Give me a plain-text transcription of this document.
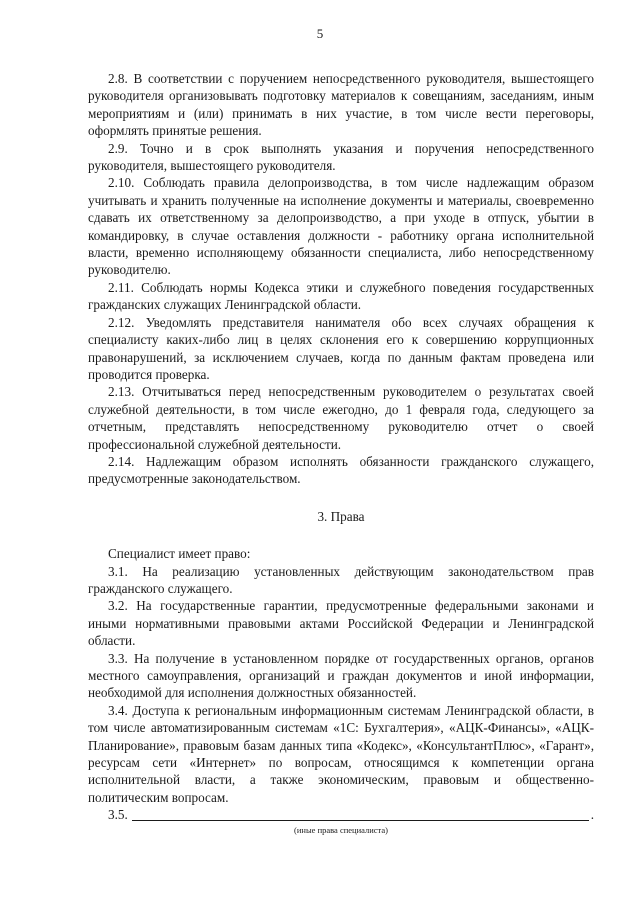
5

2.8. В соответствии с поручением непосредственного руководителя, вышестоящего руководителя организовывать подготовку материалов к совещаниям, заседаниям, иным мероприятиям и (или) принимать в них участие, в том числе вести переговоры, оформлять принятые решения.

2.9. Точно и в срок выполнять указания и поручения непосредственного руководителя, вышестоящего руководителя.

2.10. Соблюдать правила делопроизводства, в том числе надлежащим образом учитывать и хранить полученные на исполнение документы и материалы, своевременно сдавать их ответственному за делопроизводство, а при уходе в отпуск, убытии в командировку, в случае оставления должности - работнику органа исполнительной власти, временно исполняющему обязанности специалиста, либо непосредственному руководителю.

2.11. Соблюдать нормы Кодекса этики и служебного поведения государственных гражданских служащих Ленинградской области.

2.12. Уведомлять представителя нанимателя обо всех случаях обращения к специалисту каких-либо лиц в целях склонения его к совершению коррупционных правонарушений, за исключением случаев, когда по данным фактам проведена или проводится проверка.

2.13. Отчитываться перед непосредственным руководителем о результатах своей служебной деятельности, в том числе ежегодно, до 1 февраля года, следующего за отчетным, представлять непосредственному руководителю отчет о своей профессиональной служебной деятельности.

2.14. Надлежащим образом исполнять обязанности гражданского служащего, предусмотренные законодательством.

3. Права

Специалист имеет право:

3.1. На реализацию установленных действующим законодательством прав гражданского служащего.

3.2. На государственные гарантии, предусмотренные федеральными законами и иными нормативными правовыми актами Российской Федерации и Ленинградской области.

3.3. На получение в установленном порядке от государственных органов, органов местного самоуправления, организаций и граждан документов и иной информации, необходимой для исполнения должностных обязанностей.

3.4. Доступа к региональным информационным системам Ленинградской области, в том числе автоматизированным системам «1С: Бухгалтерия», «АЦК-Финансы», «АЦК-Планирование», правовым базам данных типа «Кодекс», «КонсультантПлюс», «Гарант», ресурсам сети «Интернет» по вопросам, относящимся к компетенции органа исполнительной власти, а также экономическим, правовым и общественно-политическим вопросам.

3.5.	.
(иные права специалиста)
